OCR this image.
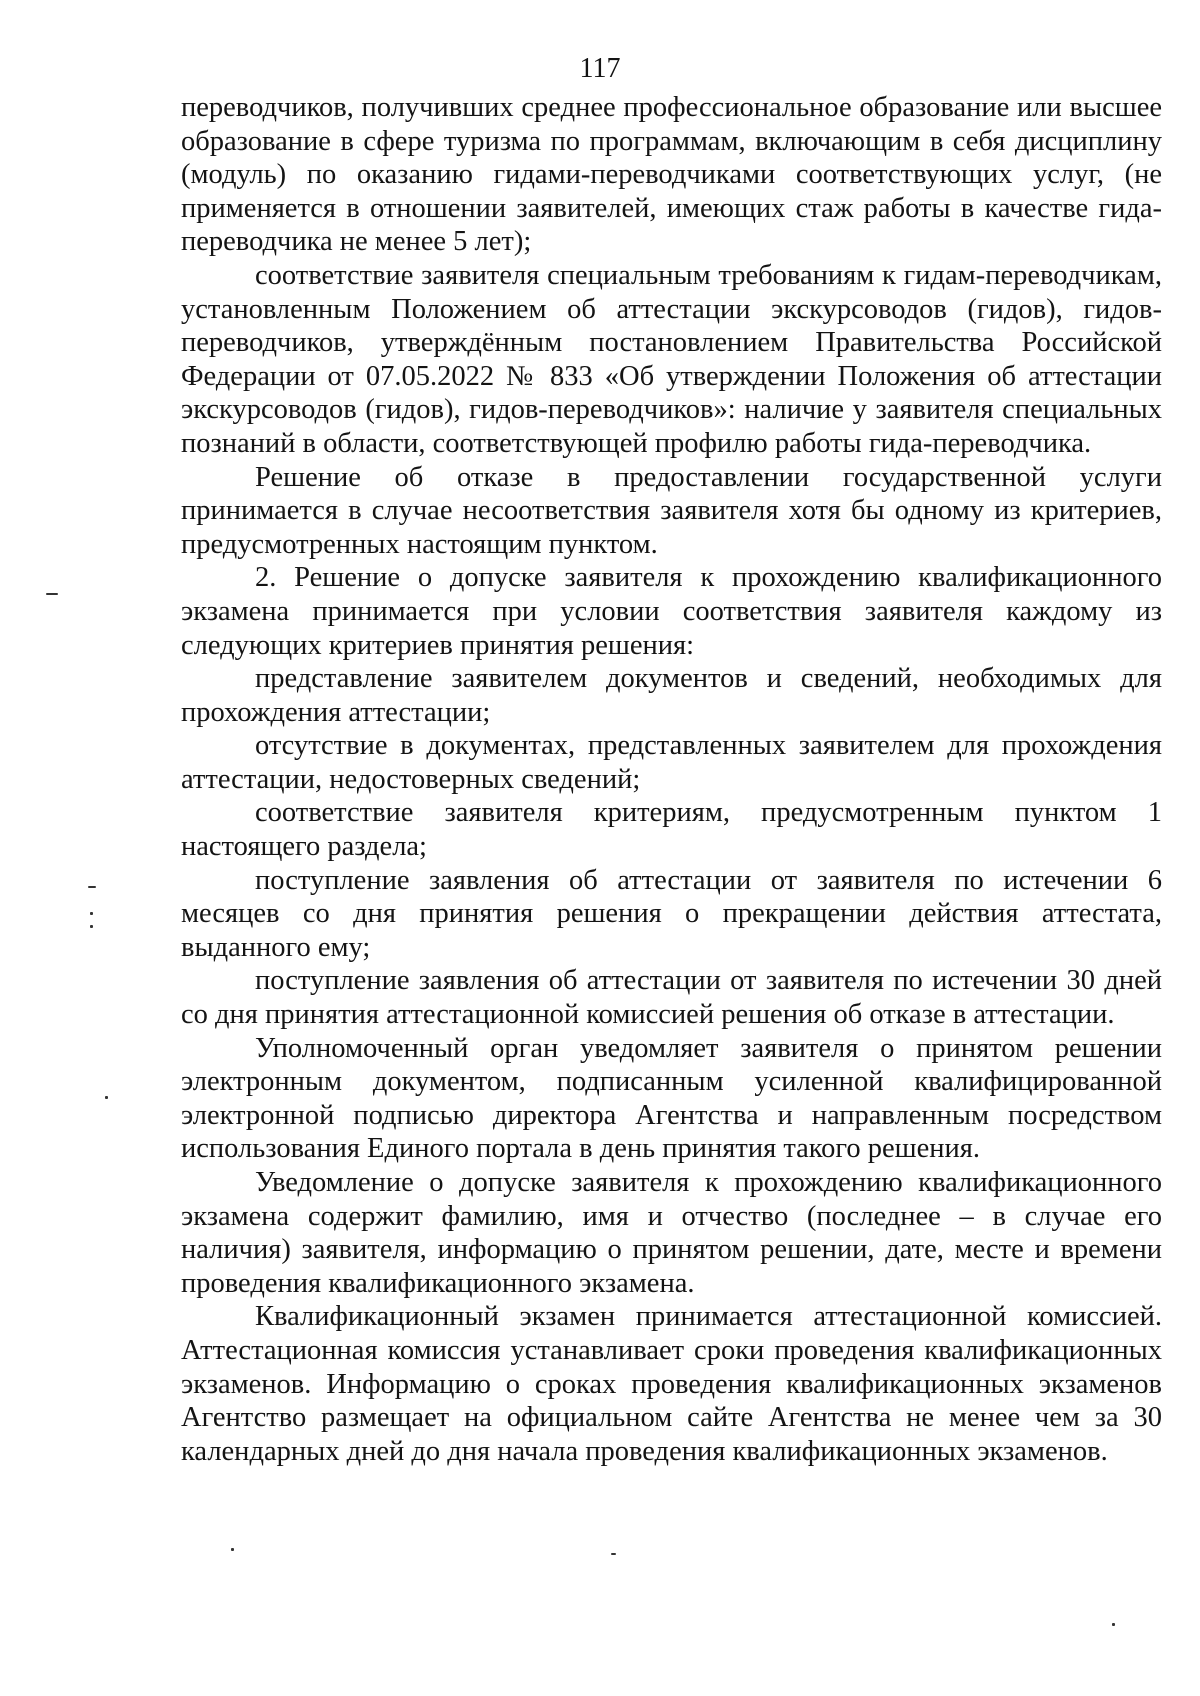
117

переводчиков, получивших среднее профессиональное образование или высшее образование в сфере туризма по программам, включающим в себя дисциплину (модуль) по оказанию гидами-переводчиками соответствующих услуг, (не применяется в отношении заявителей, имеющих стаж работы в качестве гида-переводчика не менее 5 лет);

соответствие заявителя специальным требованиям к гидам-переводчикам, установленным Положением об аттестации экскурсоводов (гидов), гидов-переводчиков, утверждённым постановлением Правительства Российской Федерации от 07.05.2022 № 833 «Об утверждении Положения об аттестации экскурсоводов (гидов), гидов-переводчиков»: наличие у заявителя специальных познаний в области, соответствующей профилю работы гида-переводчика.

Решение об отказе в предоставлении государственной услуги принимается в случае несоответствия заявителя хотя бы одному из критериев, предусмотренных настоящим пунктом.

2. Решение о допуске заявителя к прохождению квалификационного экзамена принимается при условии соответствия заявителя каждому из следующих критериев принятия решения:

представление заявителем документов и сведений, необходимых для прохождения аттестации;

отсутствие в документах, представленных заявителем для прохождения аттестации, недостоверных сведений;

соответствие заявителя критериям, предусмотренным пунктом 1 настоящего раздела;

поступление заявления об аттестации от заявителя по истечении 6 месяцев со дня принятия решения о прекращении действия аттестата, выданного ему;

поступление заявления об аттестации от заявителя по истечении 30 дней со дня принятия аттестационной комиссией решения об отказе в аттестации.

Уполномоченный орган уведомляет заявителя о принятом решении электронным документом, подписанным усиленной квалифицированной электронной подписью директора Агентства и направленным посредством использования Единого портала в день принятия такого решения.

Уведомление о допуске заявителя к прохождению квалификационного экзамена содержит фамилию, имя и отчество (последнее – в случае его наличия) заявителя, информацию о принятом решении, дате, месте и времени проведения квалификационного экзамена.

Квалификационный экзамен принимается аттестационной комиссией. Аттестационная комиссия устанавливает сроки проведения квалификационных экзаменов. Информацию о сроках проведения квалификационных экзаменов Агентство размещает на официальном сайте Агентства не менее чем за 30 календарных дней до дня начала проведения квалификационных экзаменов.
